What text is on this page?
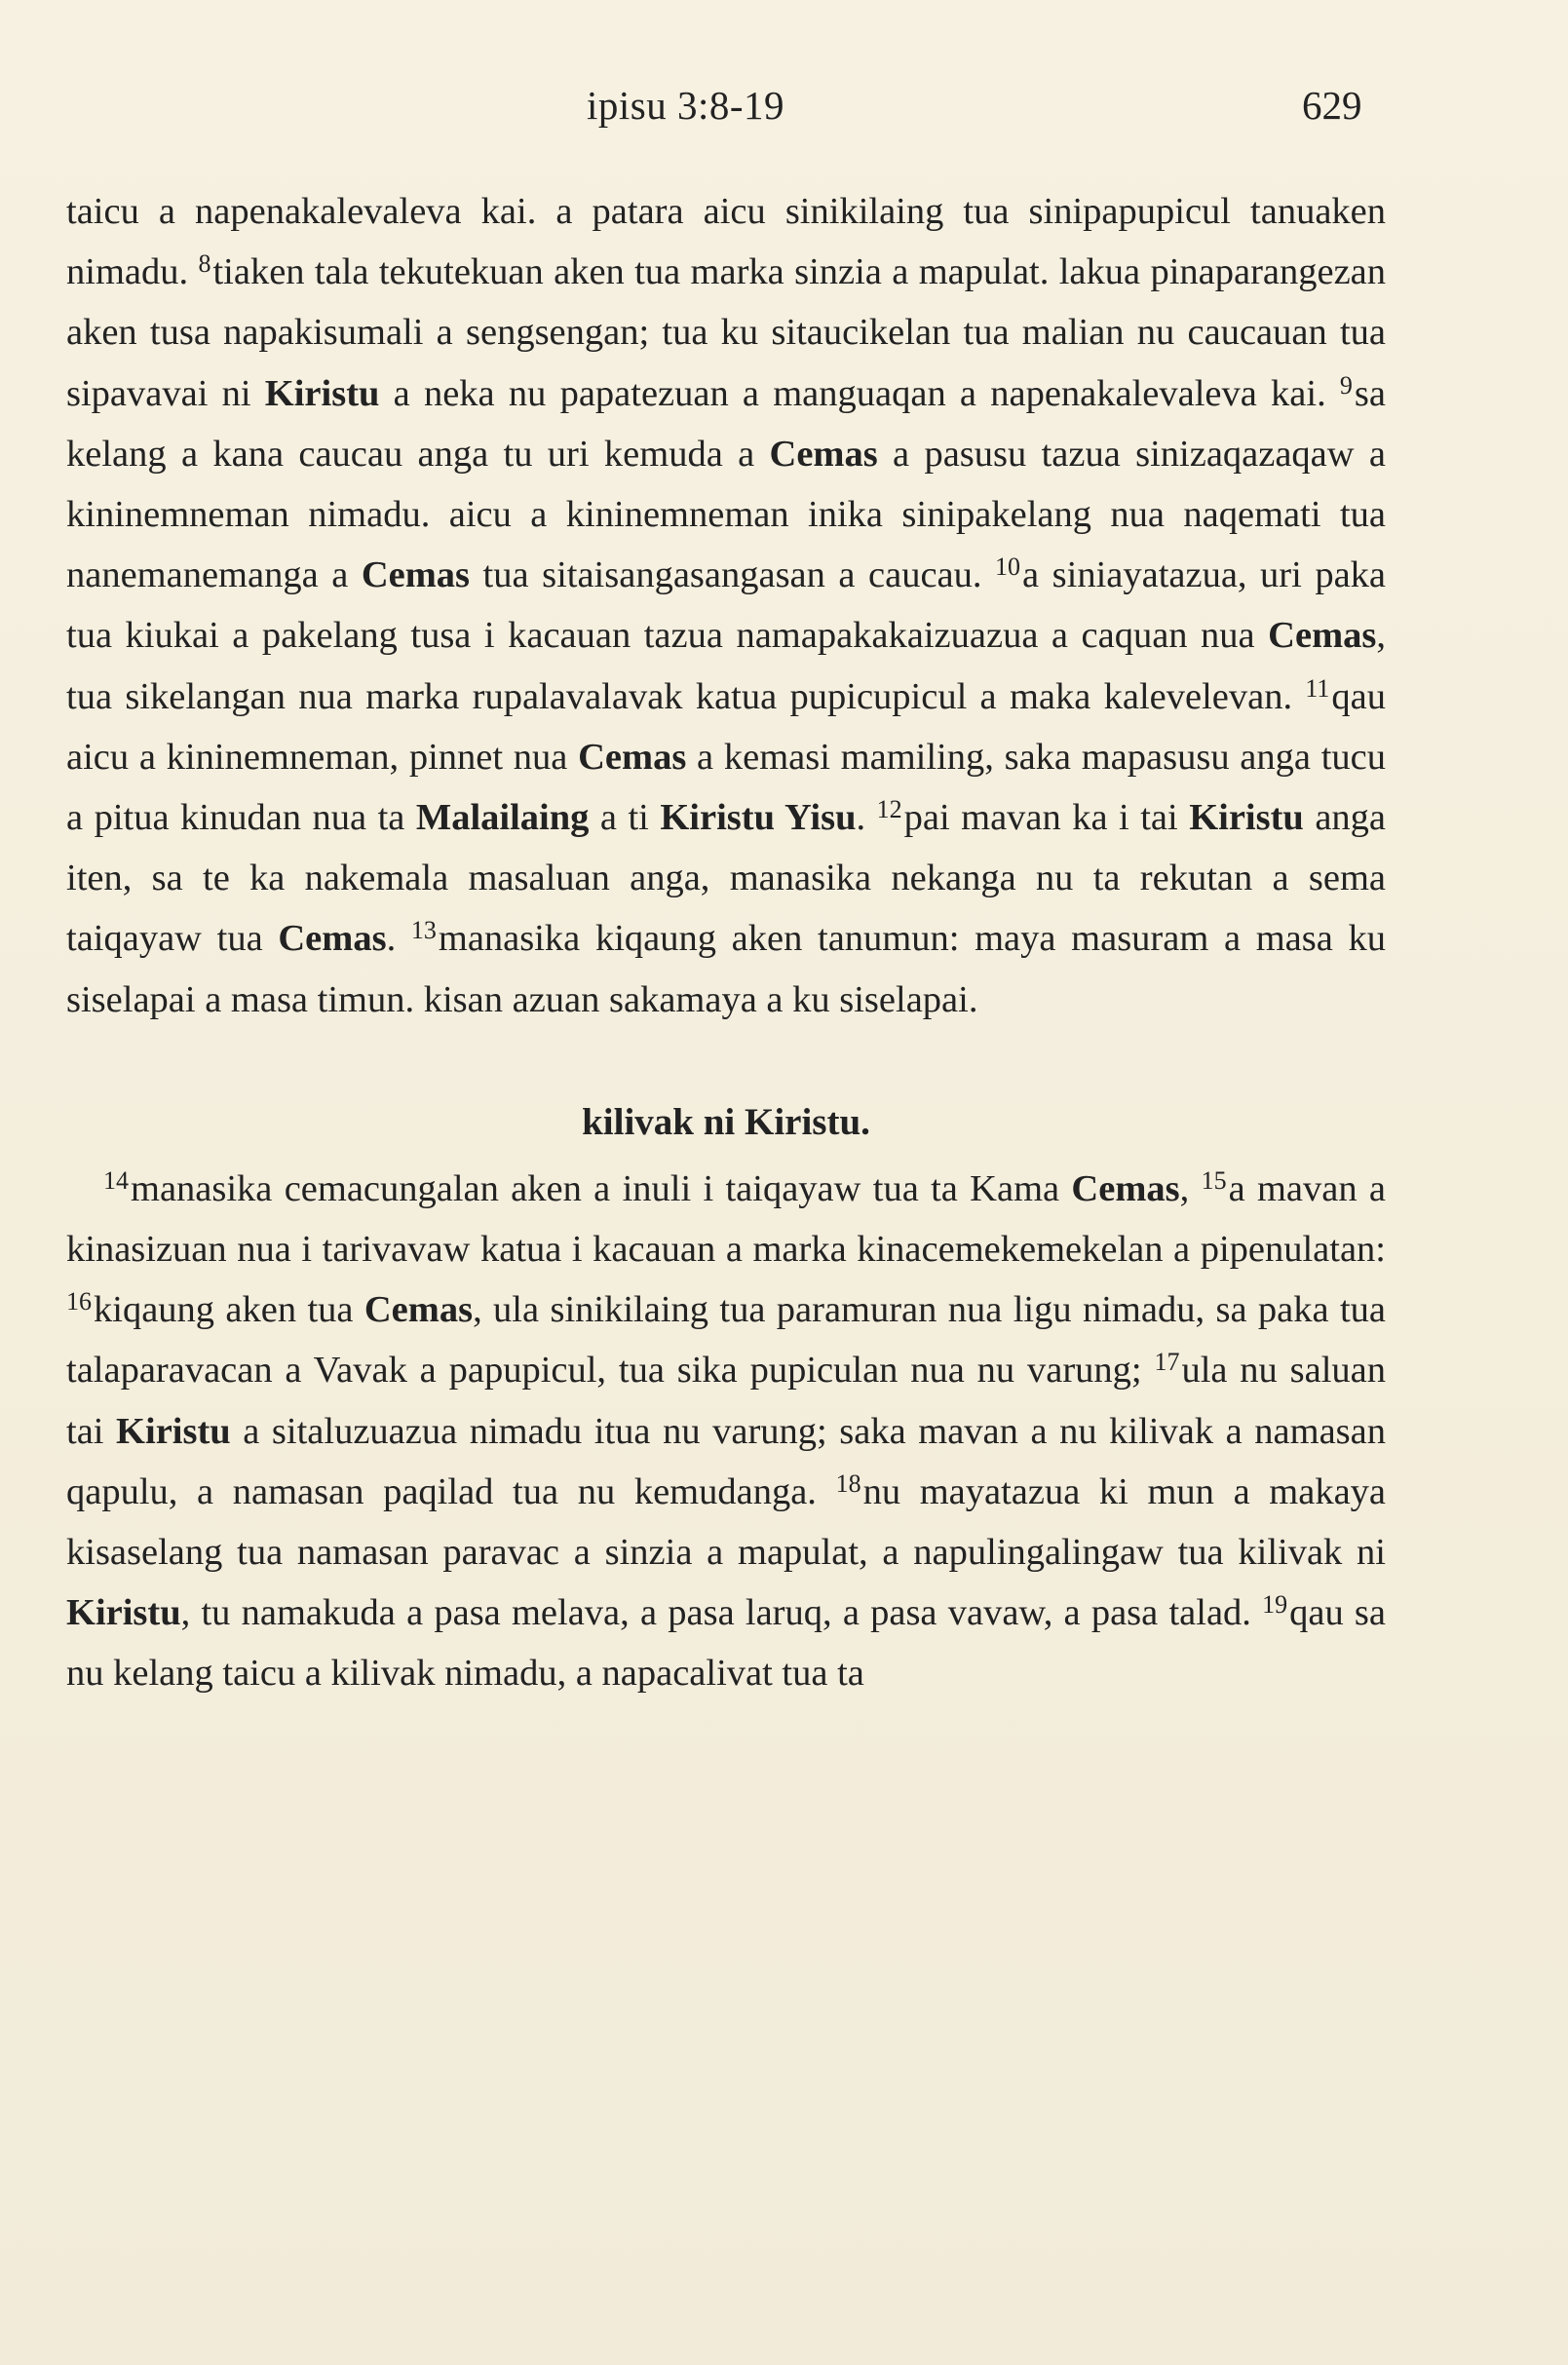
ipisu 3:8-19	629

taicu a napenakalevaleva kai. a patara aicu sinikilaing tua sinipapupicul tanuaken nimadu. $^8$tiaken tala tekutekuan aken tua marka sinzia a mapulat. lakua pinaparangezan aken tusa napakisumali a sengsengan; tua ku sitaucikelan tua malian nu caucauan tua sipavavai ni Kiristu a neka nu papatezuan a manguaqan a napenakalevaleva kai. $^9$sa kelang a kana caucau anga tu uri kemuda a Cemas a pasusu tazua sinizaqazaqaw a kininemneman nimadu. aicu a kininemneman inika sinipakelang nua naqemati tua nanemanemanga a Cemas tua sitaisangasangasan a caucau. $^{10}$a siniayatazua, uri paka tua kiukai a pakelang tusa i kacauan tazua namapakakaizuazua a caquan nua Cemas, tua sikelangan nua marka rupalavalavak katua pupicupicul a maka kalevelevan. $^{11}$qau aicu a kininemneman, pinnet nua Cemas a kemasi mamiling, saka mapasusu anga tucu a pitua kinudan nua ta Malailaing a ti Kiristu Yisu. $^{12}$pai mavan ka i tai Kiristu anga iten, sa te ka nakemala masaluan anga, manasika nekanga nu ta rekutan a sema taiqayaw tua Cemas. $^{13}$manasika kiqaung aken tanumun: maya masuram a masa ku siselapai a masa timun. kisan azuan sakamaya a ku siselapai.

kilivak ni Kiristu.

$^{14}$manasika cemacungalan aken a inuli i taiqayaw tua ta Kama Cemas, $^{15}$a mavan a kinasizuan nua i tarivavaw katua i kacauan a marka kinacemekemekelan a pipenulatan: $^{16}$kiqaung aken tua Cemas, ula sinikilaing tua paramuran nua ligu nimadu, sa paka tua talaparavacan a Vavak a papupicul, tua sika pupiculan nua nu varung; $^{17}$ula nu saluan tai Kiristu a sitaluzuazua nimadu itua nu varung; saka mavan a nu kilivak a namasan qapulu, a namasan paqilad tua nu kemudanga. $^{18}$nu mayatazua ki mun a makaya kisaselang tua namasan paravac a sinzia a mapulat, a napulingalingaw tua kilivak ni Kiristu, tu namakuda a pasa melava, a pasa laruq, a pasa vavaw, a pasa talad. $^{19}$qau sa nu kelang taicu a kilivak nimadu, a napacalivat tua ta
